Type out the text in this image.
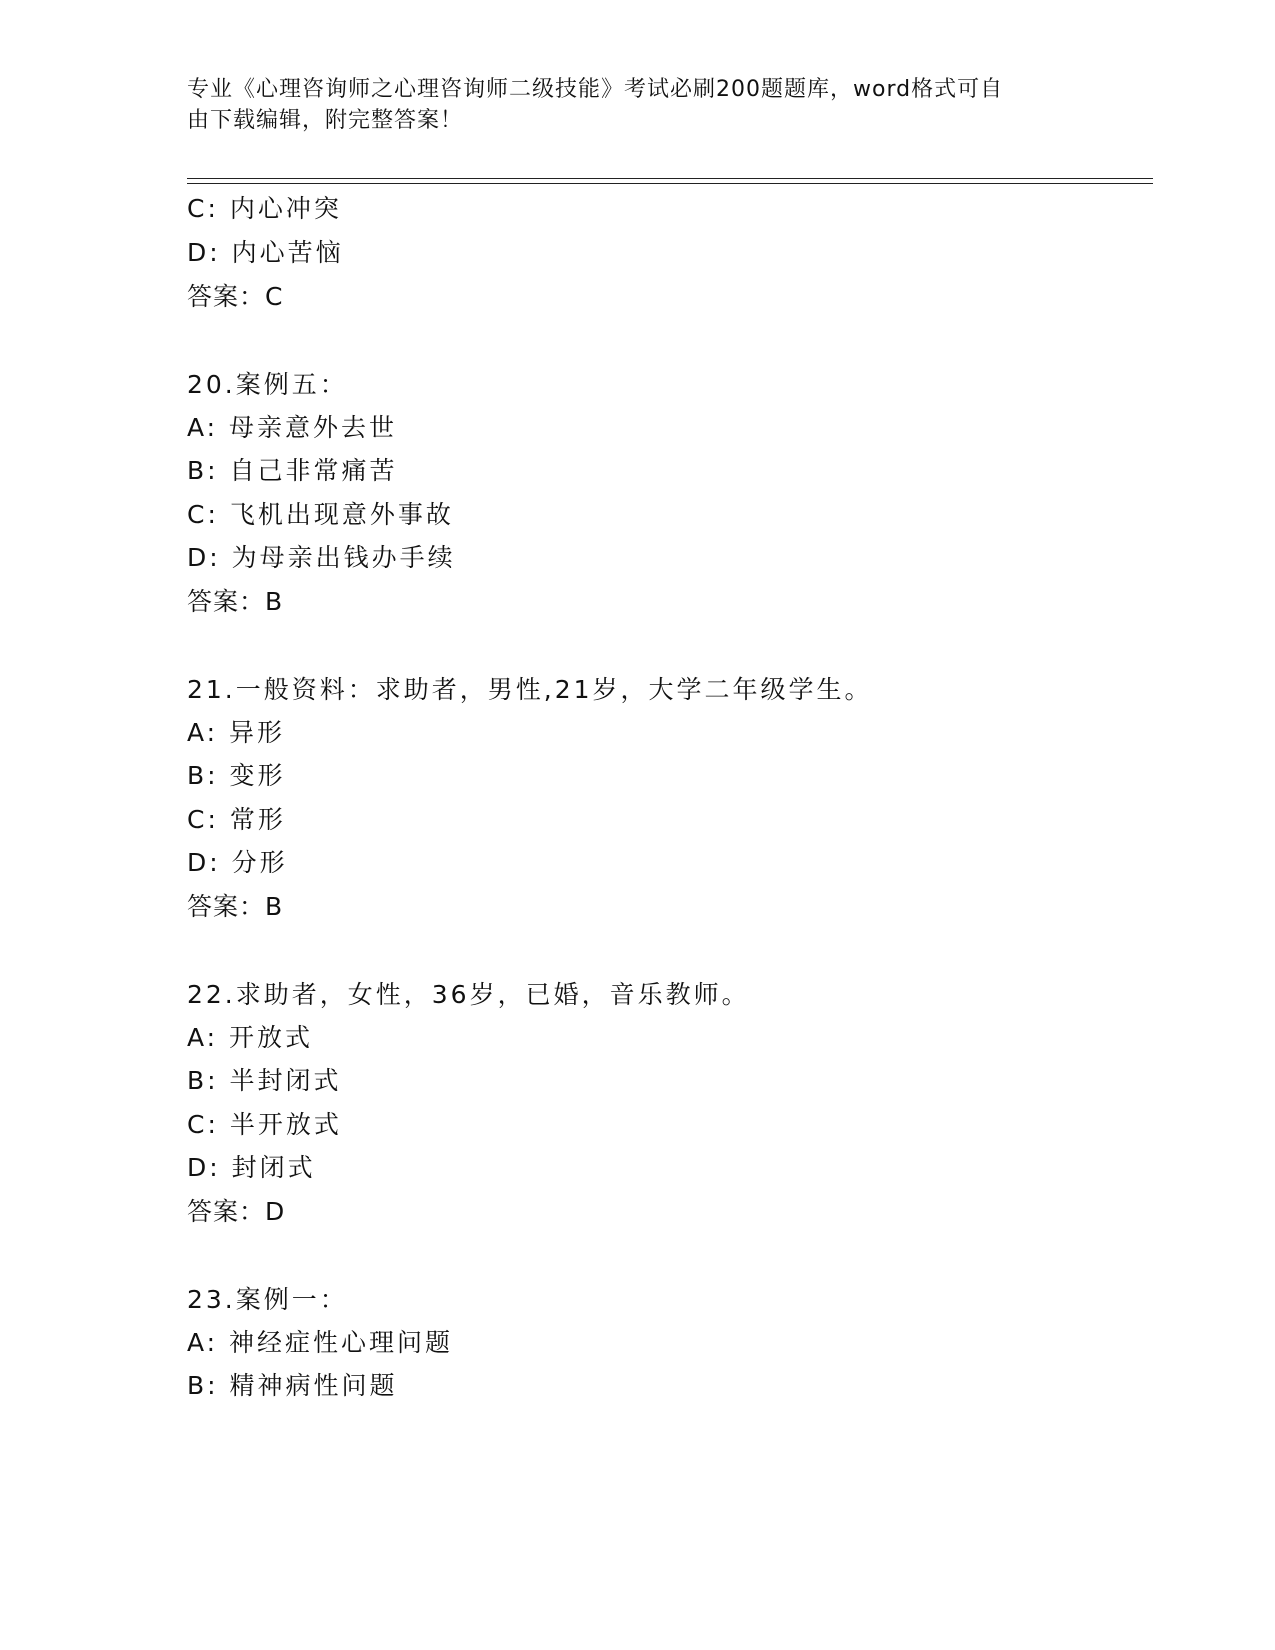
专业《心理咨询师之心理咨询师二级技能》考试必刷200题题库，word格式可自
由下载编辑，附完整答案！
C: 内心冲突
D: 内心苦恼
答案：C
20.案例五：
A: 母亲意外去世
B: 自己非常痛苦
C: 飞机出现意外事故
D: 为母亲出钱办手续
答案：B
21.一般资料：求助者，男性,21岁，大学二年级学生。
A: 异形
B: 变形
C: 常形
D: 分形
答案：B
22.求助者，女性，36岁，已婚，音乐教师。
A: 开放式
B: 半封闭式
C: 半开放式
D: 封闭式
答案：D
23.案例一：
A: 神经症性心理问题
B: 精神病性问题
